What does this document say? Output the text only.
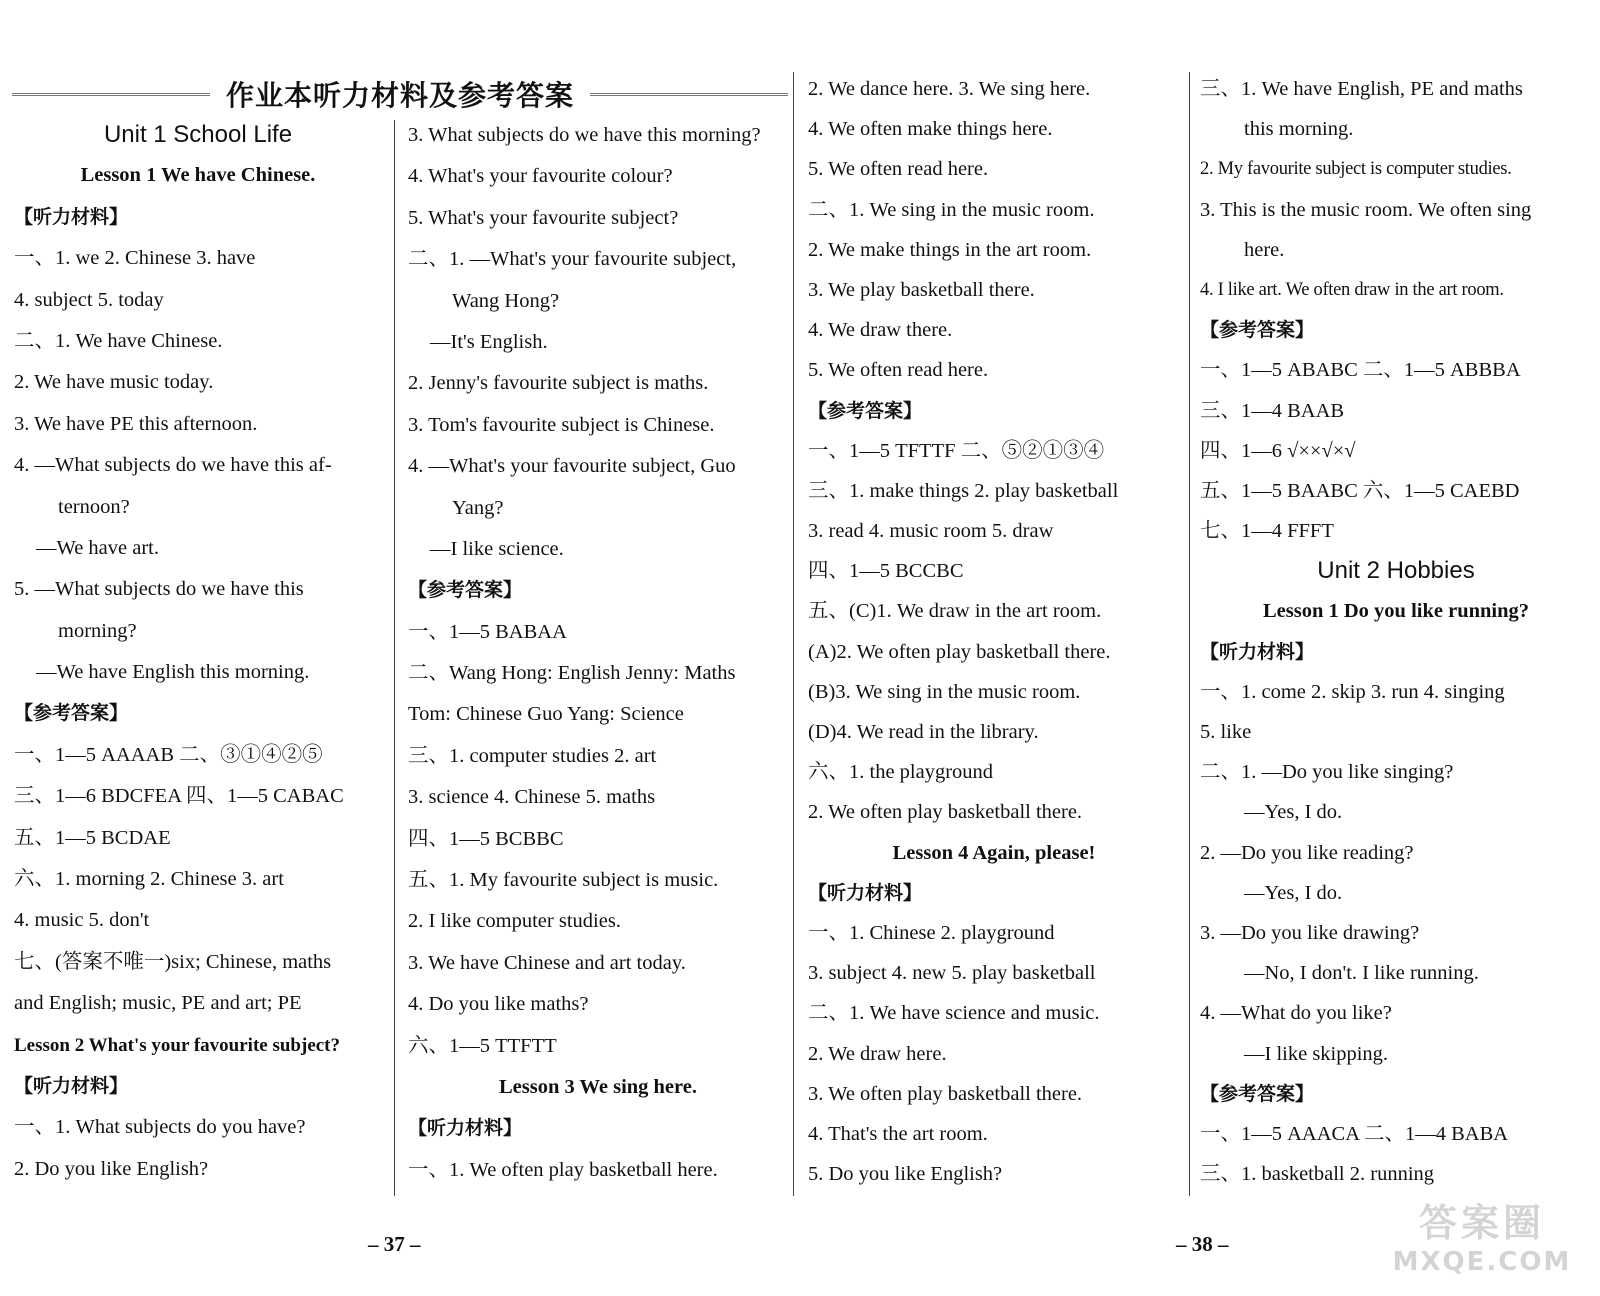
作业本听力材料及参考答案
Unit 1 School Life
Lesson 1 We have Chinese.
【听力材料】
一、1. we 2. Chinese 3. have
4. subject 5. today
二、1. We have Chinese.
2. We have music today.
3. We have PE this afternoon.
4. —What subjects do we have this af-
ternoon?
—We have art.
5. —What subjects do we have this
morning?
—We have English this morning.
【参考答案】
一、1—5 AAAAB 二、③①④②⑤
三、1—6 BDCFEA 四、1—5 CABAC
五、1—5 BCDAE
六、1. morning 2. Chinese 3. art
4. music 5. don't
七、(答案不唯一)six; Chinese, maths
and English; music, PE and art; PE
Lesson 2 What's your favourite subject?
【听力材料】
一、1. What subjects do you have?
2. Do you like English?
3. What subjects do we have this morning?
4. What's your favourite colour?
5. What's your favourite subject?
二、1. —What's your favourite subject,
Wang Hong?
—It's English.
2. Jenny's favourite subject is maths.
3. Tom's favourite subject is Chinese.
4. —What's your favourite subject, Guo
Yang?
—I like science.
【参考答案】
一、1—5 BABAA
二、Wang Hong: English Jenny: Maths
Tom: Chinese Guo Yang: Science
三、1. computer studies 2. art
3. science 4. Chinese 5. maths
四、1—5 BCBBC
五、1. My favourite subject is music.
2. I like computer studies.
3. We have Chinese and art today.
4. Do you like maths?
六、1—5 TTFTT
Lesson 3 We sing here.
【听力材料】
一、1. We often play basketball here.
2. We dance here. 3. We sing here.
4. We often make things here.
5. We often read here.
二、1. We sing in the music room.
2. We make things in the art room.
3. We play basketball there.
4. We draw there.
5. We often read here.
【参考答案】
一、1—5 TFTTF 二、⑤②①③④
三、1. make things 2. play basketball
3. read 4. music room 5. draw
四、1—5 BCCBC
五、(C)1. We draw in the art room.
(A)2. We often play basketball there.
(B)3. We sing in the music room.
(D)4. We read in the library.
六、1. the playground
2. We often play basketball there.
Lesson 4 Again, please!
【听力材料】
一、1. Chinese 2. playground
3. subject 4. new 5. play basketball
二、1. We have science and music.
2. We draw here.
3. We often play basketball there.
4. That's the art room.
5. Do you like English?
三、1. We have English, PE and maths
this morning.
2. My favourite subject is computer studies.
3. This is the music room. We often sing
here.
4. I like art. We often draw in the art room.
【参考答案】
一、1—5 ABABC 二、1—5 ABBBA
三、1—4 BAAB
四、1—6 √××√×√
五、1—5 BAABC 六、1—5 CAEBD
七、1—4 FFFT
Unit 2 Hobbies
Lesson 1 Do you like running?
【听力材料】
一、1. come 2. skip 3. run 4. singing
5. like
二、1. —Do you like singing?
—Yes, I do.
2. —Do you like reading?
—Yes, I do.
3. —Do you like drawing?
—No, I don't. I like running.
4. —What do you like?
—I like skipping.
【参考答案】
一、1—5 AAACA 二、1—4 BABA
三、1. basketball 2. running
– 37 –	– 38 –	答案圈
MXQE.COM
